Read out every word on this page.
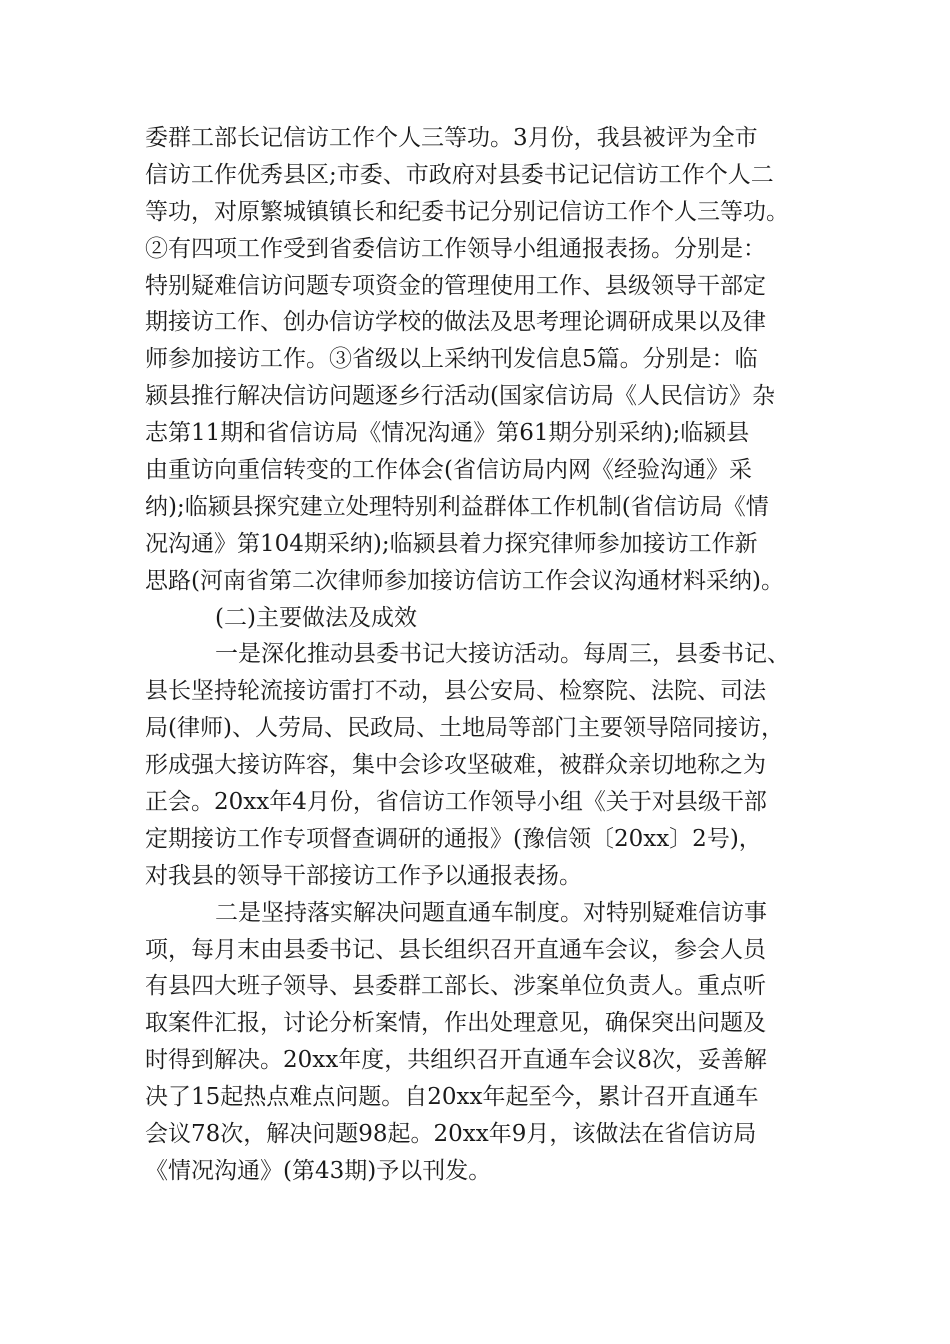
委群工部长记信访工作个人三等功。3月份，我县被评为全市
信访工作优秀县区;市委、市政府对县委书记记信访工作个人二
等功，对原繁城镇镇长和纪委书记分别记信访工作个人三等功。
②有四项工作受到省委信访工作领导小组通报表扬。分别是：
特别疑难信访问题专项资金的管理使用工作、县级领导干部定
期接访工作、创办信访学校的做法及思考理论调研成果以及律
师参加接访工作。③省级以上采纳刊发信息5篇。分别是：临
颍县推行解决信访问题逐乡行活动(国家信访局《人民信访》杂
志第11期和省信访局《情况沟通》第61期分别采纳);临颍县
由重访向重信转变的工作体会(省信访局内网《经验沟通》采
纳);临颍县探究建立处理特别利益群体工作机制(省信访局《情
况沟通》第104期采纳);临颍县着力探究律师参加接访工作新
思路(河南省第二次律师参加接访信访工作会议沟通材料采纳)。
(二)主要做法及成效
一是深化推动县委书记大接访活动。每周三，县委书记、
县长坚持轮流接访雷打不动，县公安局、检察院、法院、司法
局(律师)、人劳局、民政局、土地局等部门主要领导陪同接访，
形成强大接访阵容，集中会诊攻坚破难，被群众亲切地称之为
正会。20xx年4月份，省信访工作领导小组《关于对县级干部
定期接访工作专项督查调研的通报》(豫信领〔20xx〕2号)，
对我县的领导干部接访工作予以通报表扬。
二是坚持落实解决问题直通车制度。对特别疑难信访事
项，每月末由县委书记、县长组织召开直通车会议，参会人员
有县四大班子领导、县委群工部长、涉案单位负责人。重点听
取案件汇报，讨论分析案情，作出处理意见，确保突出问题及
时得到解决。20xx年度，共组织召开直通车会议8次，妥善解
决了15起热点难点问题。自20xx年起至今，累计召开直通车
会议78次，解决问题98起。20xx年9月，该做法在省信访局
《情况沟通》(第43期)予以刊发。
